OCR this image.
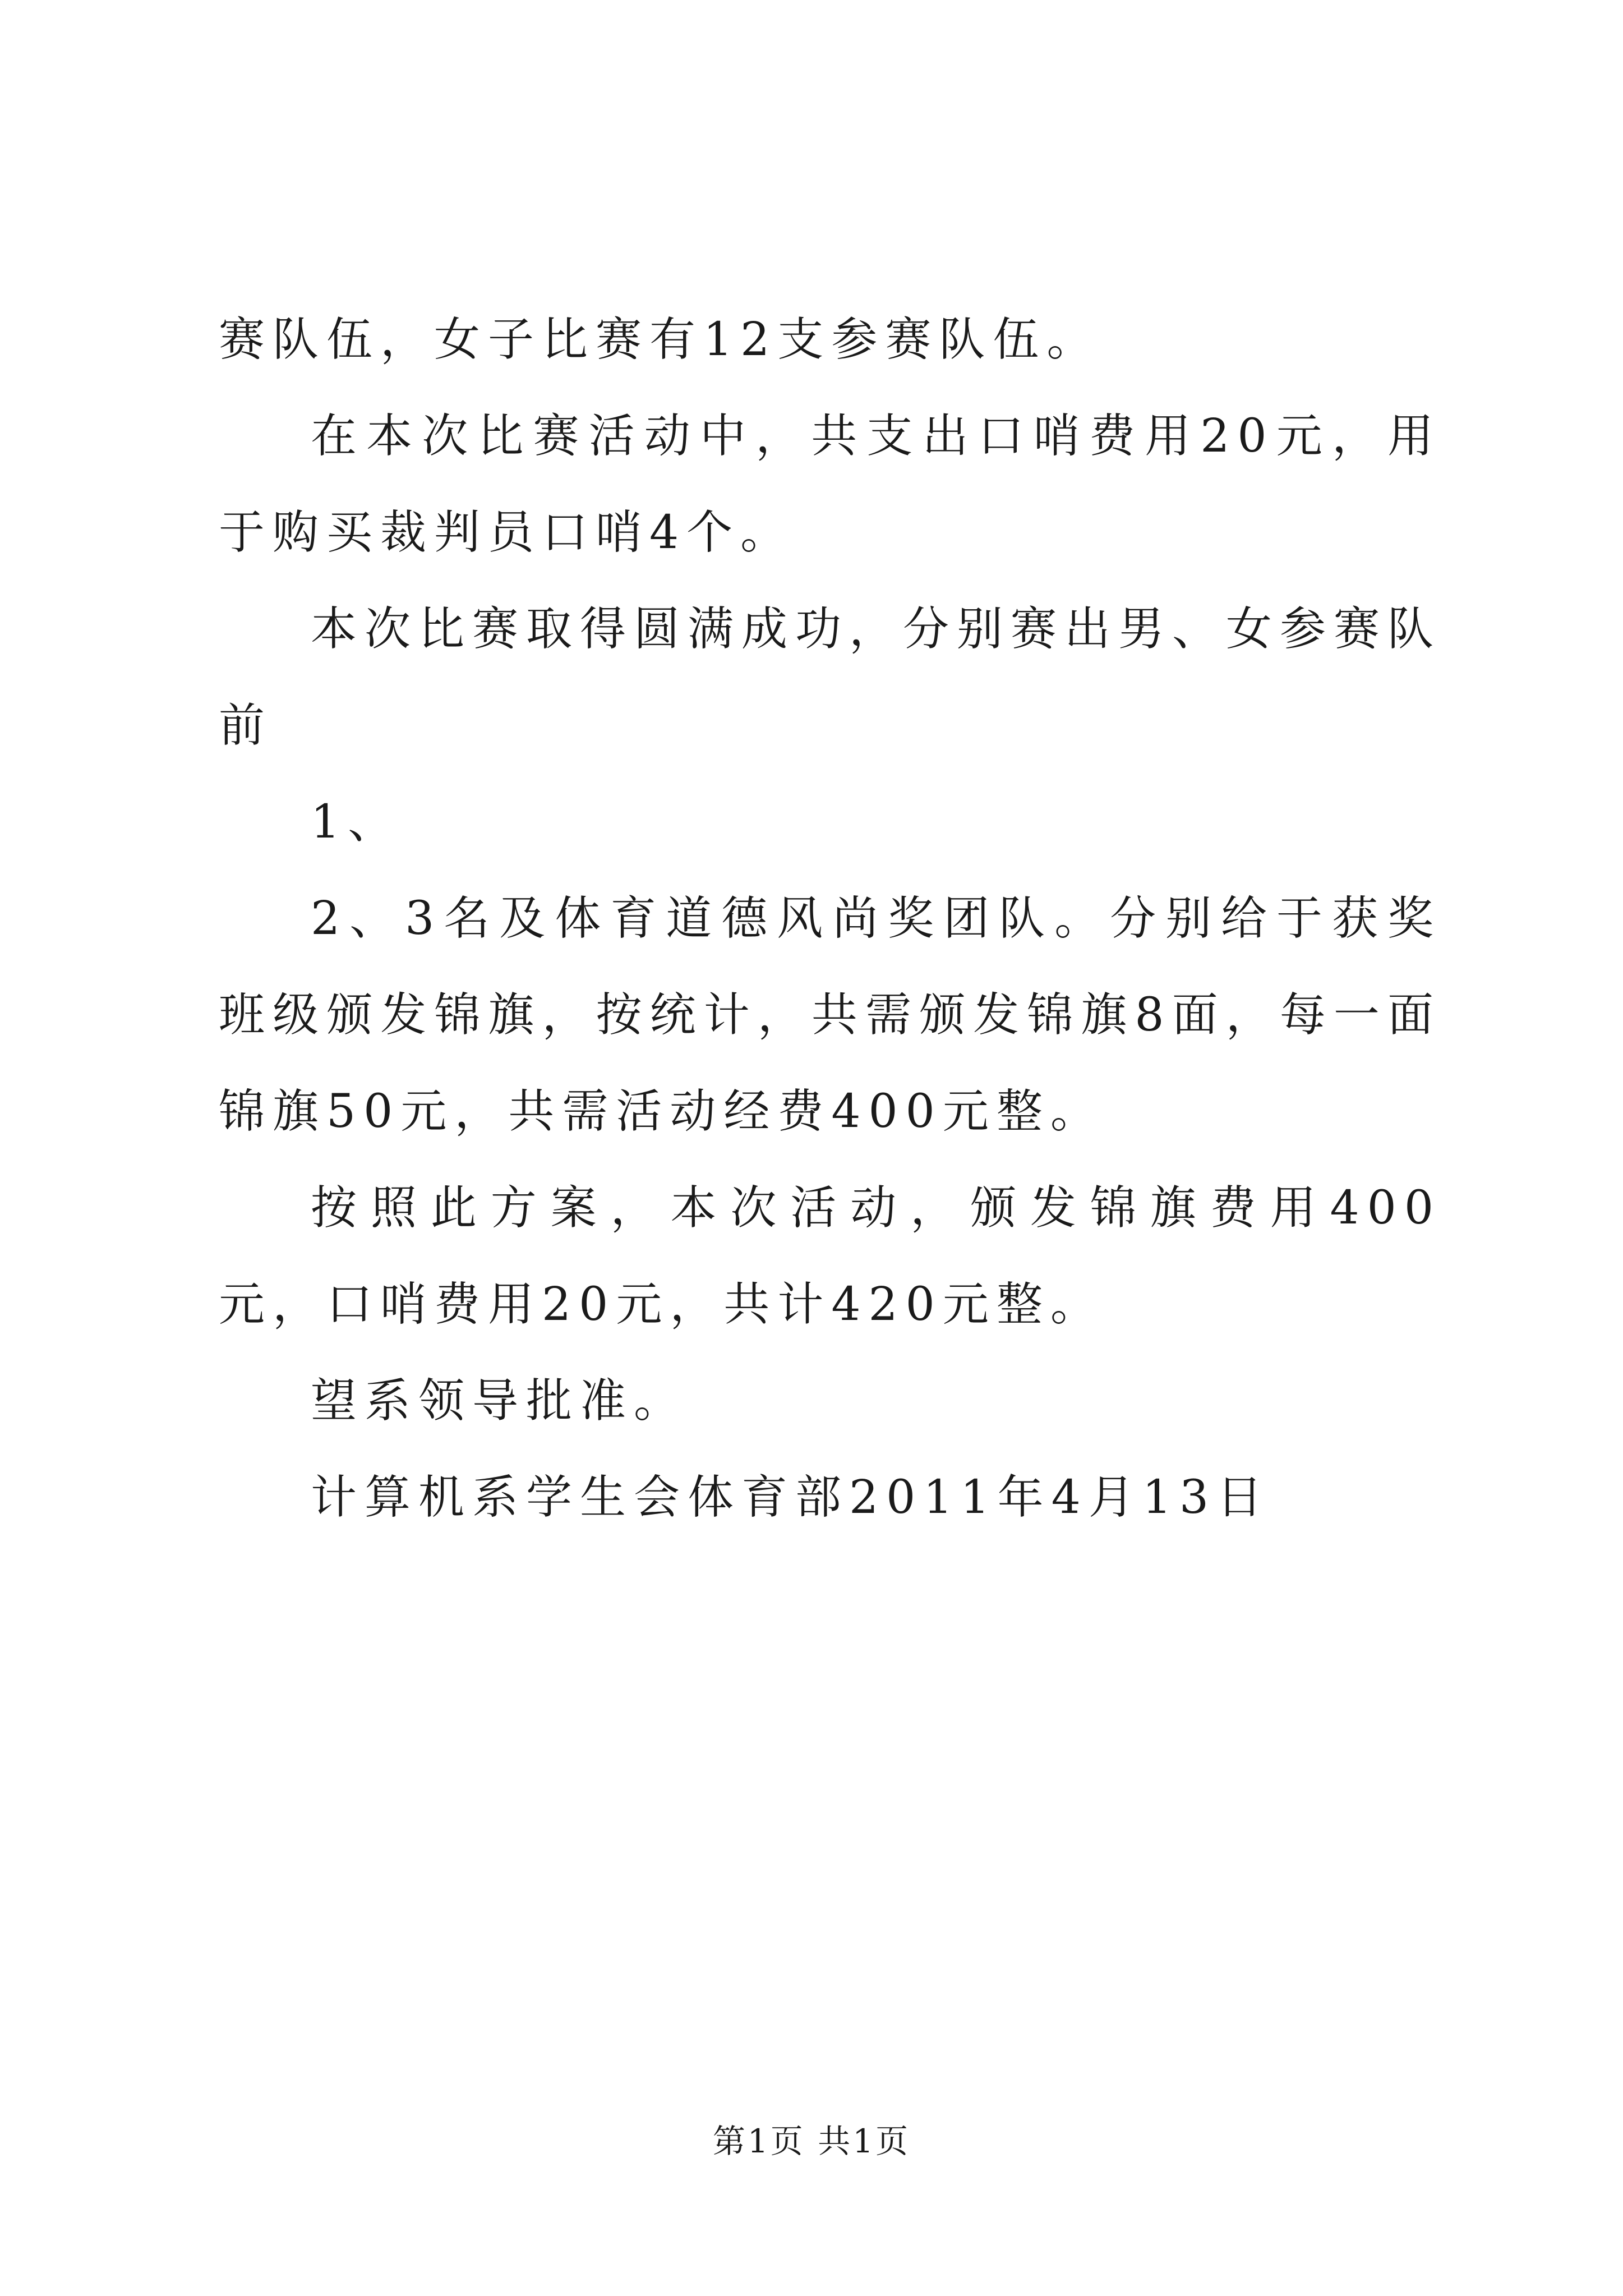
赛队伍，女子比赛有12支参赛队伍。

在本次比赛活动中，共支出口哨费用20元，用于购买裁判员口哨4个。

本次比赛取得圆满成功，分别赛出男、女参赛队前

1、

2、3名及体育道德风尚奖团队。分别给于获奖班级颁发锦旗，按统计，共需颁发锦旗8面，每一面锦旗50元，共需活动经费400元整。

按照此方案，本次活动，颁发锦旗费用400元，口哨费用20元，共计420元整。

望系领导批准。

计算机系学生会体育部2011年4月13日

第1页 共1页
